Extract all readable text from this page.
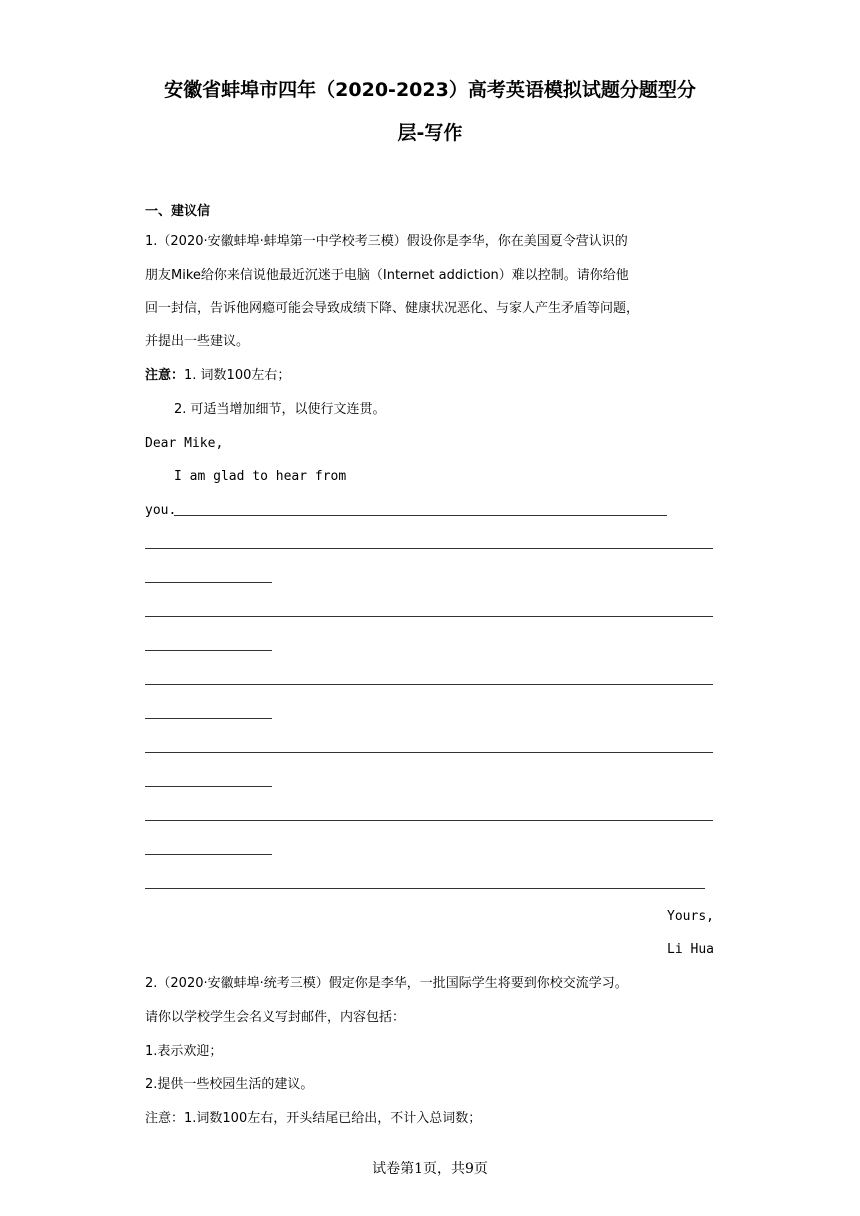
安徽省蚌埠市四年（2020-2023）高考英语模拟试题分题型分
层-写作
一、建议信
1.（2020·安徽蚌埠·蚌埠第一中学校考三模）假设你是李华，你在美国夏令营认识的
朋友Mike给你来信说他最近沉迷于电脑（Internet addiction）难以控制。请你给他
回一封信，告诉他网瘾可能会导致成绩下降、健康状况恶化、与家人产生矛盾等问题，
并提出一些建议。
注意：1. 词数100左右；
2. 可适当增加细节，以使行文连贯。
Dear Mike,
I am glad to hear from
you.
Yours,
Li Hua
2.（2020·安徽蚌埠·统考三模）假定你是李华，一批国际学生将要到你校交流学习。
请你以学校学生会名义写封邮件，内容包括：
1.表示欢迎；
2.提供一些校园生活的建议。
注意：1.词数100左右，开头结尾已给出，不计入总词数；
试卷第1页，共9页
